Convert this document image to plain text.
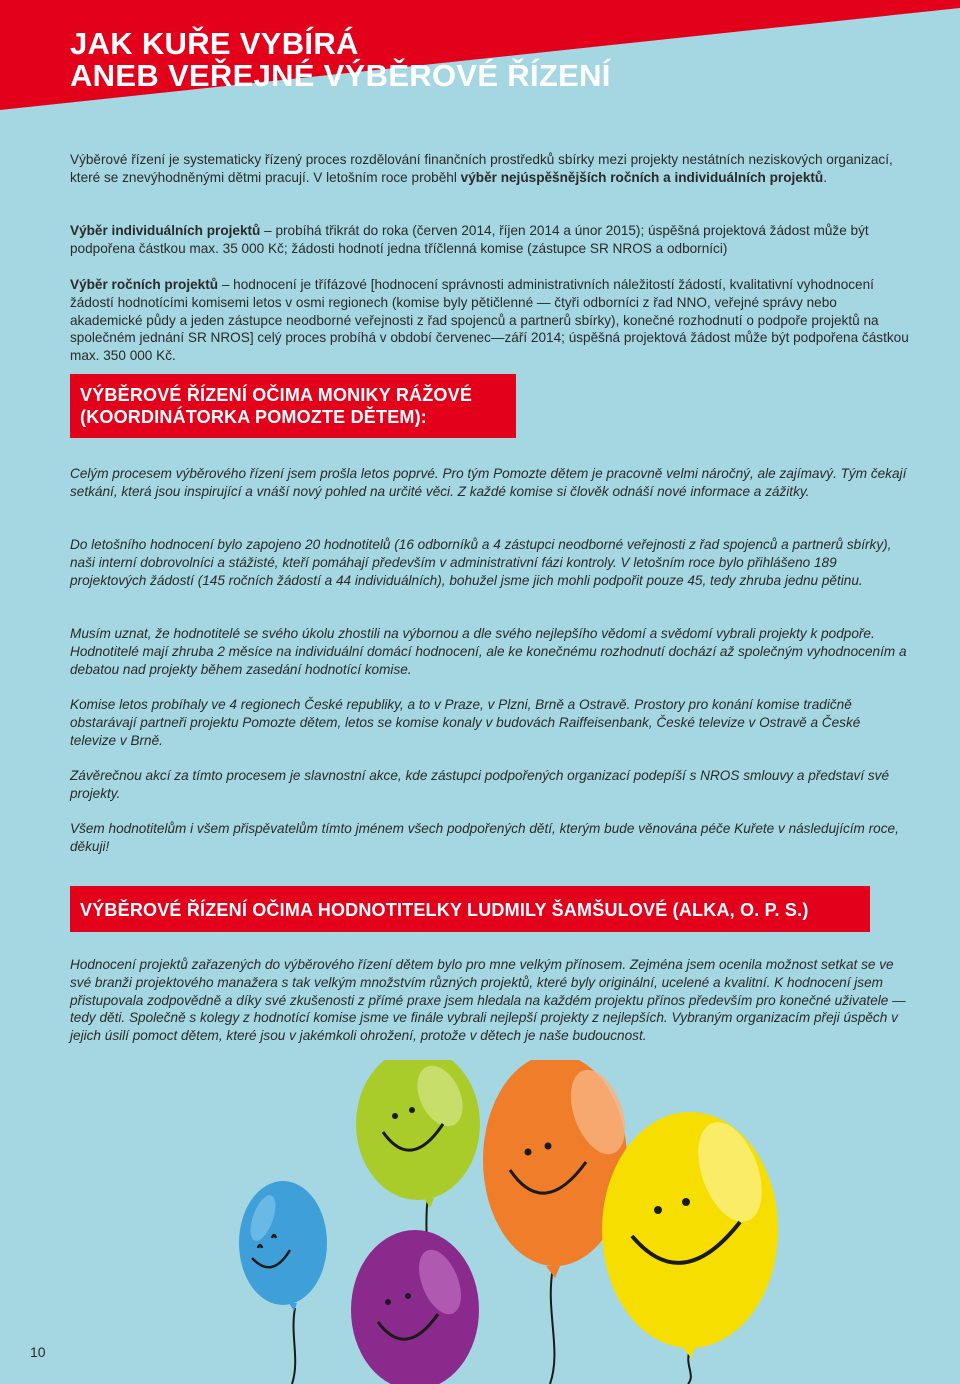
JAK KUŘE VYBÍRÁ
ANEB VEŘEJNÉ VÝBĚROVÉ ŘÍZENÍ

Výběrové řízení je systematicky řízený proces rozdělování finančních prostředků sbírky mezi projekty nestátních neziskových organizací, které se znevýhodněnými dětmi pracují. V letošním roce proběhl výběr nejúspěšnějších ročních a individuálních projektů.

Výběr individuálních projektů – probíhá třikrát do roka (červen 2014, říjen 2014 a únor 2015); úspěšná projektová žádost může být podpořena částkou max. 35 000 Kč; žádosti hodnotí jedna tříčlenná komise (zástupce SR NROS a odborníci)

Výběr ročních projektů – hodnocení je třífázové [hodnocení správnosti administrativních náležitostí žádostí, kvalitativní vyhodnocení žádostí hodnotícími komisemi letos v osmi regionech (komise byly pětičlenné — čtyři odborníci z řad NNO, veřejné správy nebo akademické půdy a jeden zástupce neodborné veřejnosti z řad spojenců a partnerů sbírky), konečné rozhodnutí o podpoře projektů na společném jednání SR NROS] celý proces probíhá v období červenec—září 2014; úspěšná projektová žádost může být podpořena částkou max. 350 000 Kč.

VÝBĚROVÉ ŘÍZENÍ OČIMA MONIKY RÁŽOVÉ
(KOORDINÁTORKA POMOZTE DĚTEM):

Celým procesem výběrového řízení jsem prošla letos poprvé. Pro tým Pomozte dětem je pracovně velmi náročný, ale zajímavý. Tým čekají setkání, která jsou inspirující a vnáší nový pohled na určité věci. Z každé komise si člověk odnáší nové informace a zážitky.

Do letošního hodnocení bylo zapojeno 20 hodnotitelů (16 odborníků a 4 zástupci neodborné veřejnosti z řad spojenců a partnerů sbírky), naši interní dobrovolníci a stážisté, kteří pomáhají především v administrativní fázi kontroly. V letošním roce bylo přihlášeno 189 projektových žádostí (145 ročních žádostí a 44 individuálních), bohužel jsme jich mohli podpořit pouze 45, tedy zhruba jednu pětinu.

Musím uznat, že hodnotitelé se svého úkolu zhostili na výbornou a dle svého nejlepšího vědomí a svědomí vybrali projekty k podpoře. Hodnotitelé mají zhruba 2 měsíce na individuální domácí hodnocení, ale ke konečnému rozhodnutí dochází až společným vyhodnocením a debatou nad projekty během zasedání hodnotící komise.

Komise letos probíhaly ve 4 regionech České republiky, a to v Praze, v Plzni, Brně a Ostravě. Prostory pro konání komise tradičně obstarávají partneři projektu Pomozte dětem, letos se komise konaly v budovách Raiffeisenbank, České televize v Ostravě a České televize v Brně.

Závěrečnou akcí za tímto procesem je slavnostní akce, kde zástupci podpořených organizací podepíší s NROS smlouvy a představí své projekty.

Všem hodnotitelům i všem přispěvatelům tímto jménem všech podpořených dětí, kterým bude věnována péče Kuřete v následujícím roce, děkuji!

VÝBĚROVÉ ŘÍZENÍ OČIMA HODNOTITELKY LUDMILY ŠAMŠULOVÉ (ALKA, O. P. S.)

Hodnocení projektů zařazených do výběrového řízení dětem bylo pro mne velkým přínosem. Zejména jsem ocenila možnost setkat se ve své branži projektového manažera s tak velkým množstvím různých projektů, které byly originální, ucelené a kvalitní. K hodnocení jsem přistupovala zodpovědně a díky své zkušenosti z přímé praxe jsem hledala na každém projektu přínos především pro konečné uživatele — tedy děti. Společně s kolegy z hodnotící komise jsme ve finále vybrali nejlepší projekty z nejlepších. Vybraným organizacím přeji úspěch v jejich úsilí pomoct dětem, které jsou v jakémkoli ohrožení, protože v dětech je naše budoucnost.

10
